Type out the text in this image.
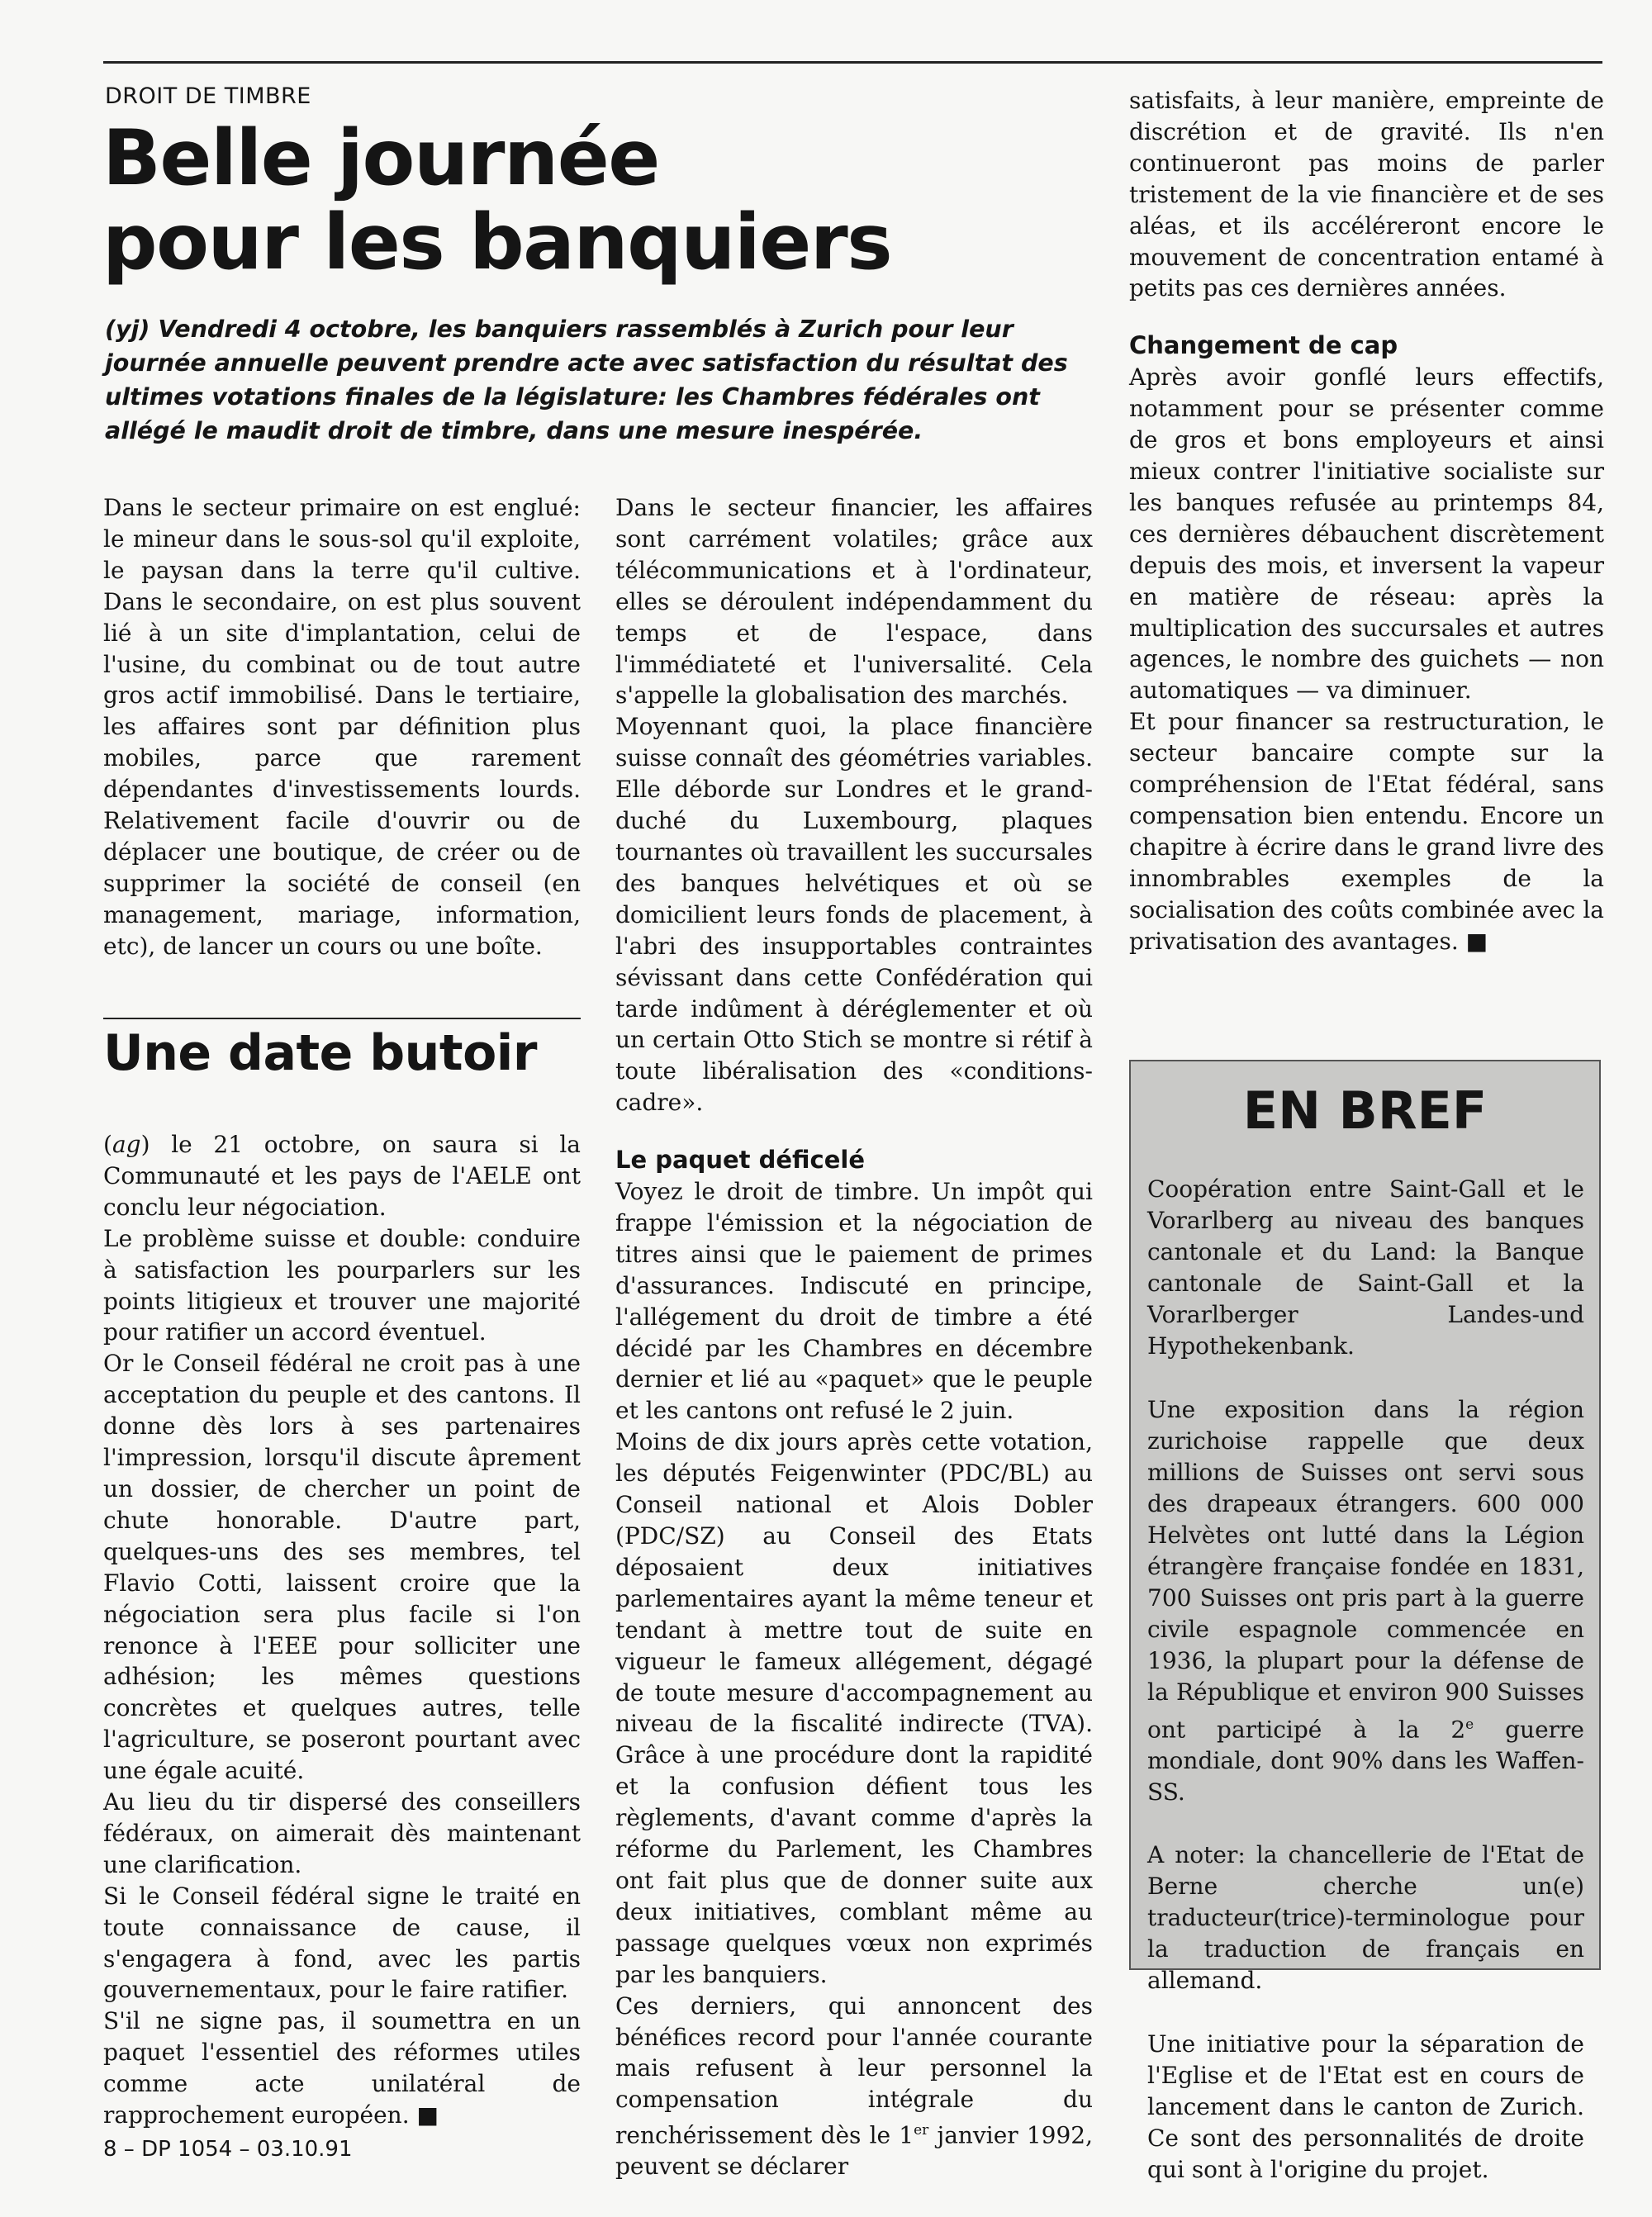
DROIT DE TIMBRE
Belle journée
pour les banquiers

(yj) Vendredi 4 octobre, les banquiers rassemblés à Zurich pour leur journée annuelle peuvent prendre acte avec satisfaction du résultat des ultimes votations finales de la législature: les Chambres fédérales ont allégé le maudit droit de timbre, dans une mesure inespérée.

Dans le secteur primaire on est englué: le mineur dans le sous-sol qu'il exploite, le paysan dans la terre qu'il cultive. Dans le secondaire, on est plus souvent lié à un site d'implantation, celui de l'usine, du combinat ou de tout autre gros actif immobilisé. Dans le tertiaire, les affaires sont par définition plus mobiles, parce que rarement dépendantes d'investissements lourds. Relativement facile d'ouvrir ou de déplacer une boutique, de créer ou de supprimer la société de conseil (en management, mariage, information, etc), de lancer un cours ou une boîte.

Une date butoir

(ag) le 21 octobre, on saura si la Communauté et les pays de l'AELE ont conclu leur négociation.

Le problème suisse et double: conduire à satisfaction les pourparlers sur les points litigieux et trouver une majorité pour ratifier un accord éventuel.

Or le Conseil fédéral ne croit pas à une acceptation du peuple et des cantons. Il donne dès lors à ses partenaires l'impression, lorsqu'il discute âprement un dossier, de chercher un point de chute honorable. D'autre part, quelques-uns des ses membres, tel Flavio Cotti, laissent croire que la négociation sera plus facile si l'on renonce à l'EEE pour solliciter une adhésion; les mêmes questions concrètes et quelques autres, telle l'agriculture, se poseront pourtant avec une égale acuité.

Au lieu du tir dispersé des conseillers fédéraux, on aimerait dès maintenant une clarification.

Si le Conseil fédéral signe le traité en toute connaissance de cause, il s'engagera à fond, avec les partis gouvernementaux, pour le faire ratifier.

S'il ne signe pas, il soumettra en un paquet l'essentiel des réformes utiles comme acte unilatéral de rapprochement européen. ■

Dans le secteur financier, les affaires sont carrément volatiles; grâce aux télécommunications et à l'ordinateur, elles se déroulent indépendamment du temps et de l'espace, dans l'immédiateté et l'universalité. Cela s'appelle la globalisation des marchés.

Moyennant quoi, la place financière suisse connaît des géométries variables. Elle déborde sur Londres et le grand-duché du Luxembourg, plaques tournantes où travaillent les succursales des banques helvétiques et où se domicilient leurs fonds de placement, à l'abri des insupportables contraintes sévissant dans cette Confédération qui tarde indûment à déréglementer et où un certain Otto Stich se montre si rétif à toute libéralisation des «conditions-cadre».

Le paquet déficelé

Voyez le droit de timbre. Un impôt qui frappe l'émission et la négociation de titres ainsi que le paiement de primes d'assurances. Indiscuté en principe, l'allégement du droit de timbre a été décidé par les Chambres en décembre dernier et lié au «paquet» que le peuple et les cantons ont refusé le 2 juin.

Moins de dix jours après cette votation, les députés Feigenwinter (PDC/BL) au Conseil national et Alois Dobler (PDC/SZ) au Conseil des Etats déposaient deux initiatives parlementaires ayant la même teneur et tendant à mettre tout de suite en vigueur le fameux allégement, dégagé de toute mesure d'accompagnement au niveau de la fiscalité indirecte (TVA). Grâce à une procédure dont la rapidité et la confusion défient tous les règlements, d'avant comme d'après la réforme du Parlement, les Chambres ont fait plus que de donner suite aux deux initiatives, comblant même au passage quelques vœux non exprimés par les banquiers.

Ces derniers, qui annoncent des bénéfices record pour l'année courante mais refusent à leur personnel la compensation intégrale du renchérissement dès le 1er janvier 1992, peuvent se déclarer

satisfaits, à leur manière, empreinte de discrétion et de gravité. Ils n'en continueront pas moins de parler tristement de la vie financière et de ses aléas, et ils accéléreront encore le mouvement de concentration entamé à petits pas ces dernières années.

Changement de cap

Après avoir gonflé leurs effectifs, notamment pour se présenter comme de gros et bons employeurs et ainsi mieux contrer l'initiative socialiste sur les banques refusée au printemps 84, ces dernières débauchent discrètement depuis des mois, et inversent la vapeur en matière de réseau: après la multiplication des succursales et autres agences, le nombre des guichets — non automatiques — va diminuer.

Et pour financer sa restructuration, le secteur bancaire compte sur la compréhension de l'Etat fédéral, sans compensation bien entendu. Encore un chapitre à écrire dans le grand livre des innombrables exemples de la socialisation des coûts combinée avec la privatisation des avantages. ■

EN BREF

Coopération entre Saint-Gall et le Vorarlberg au niveau des banques cantonale et du Land: la Banque cantonale de Saint-Gall et la Vorarlberger Landes-und Hypothekenbank.

Une exposition dans la région zurichoise rappelle que deux millions de Suisses ont servi sous des drapeaux étrangers. 600 000 Helvètes ont lutté dans la Légion étrangère française fondée en 1831, 700 Suisses ont pris part à la guerre civile espagnole commencée en 1936, la plupart pour la défense de la République et environ 900 Suisses ont participé à la 2e guerre mondiale, dont 90% dans les Waffen-SS.

A noter: la chancellerie de l'Etat de Berne cherche un(e) traducteur(trice)-terminologue pour la traduction de français en allemand.

Une initiative pour la séparation de l'Eglise et de l'Etat est en cours de lancement dans le canton de Zurich. Ce sont des personnalités de droite qui sont à l'origine du projet.

8 – DP 1054 – 03.10.91
